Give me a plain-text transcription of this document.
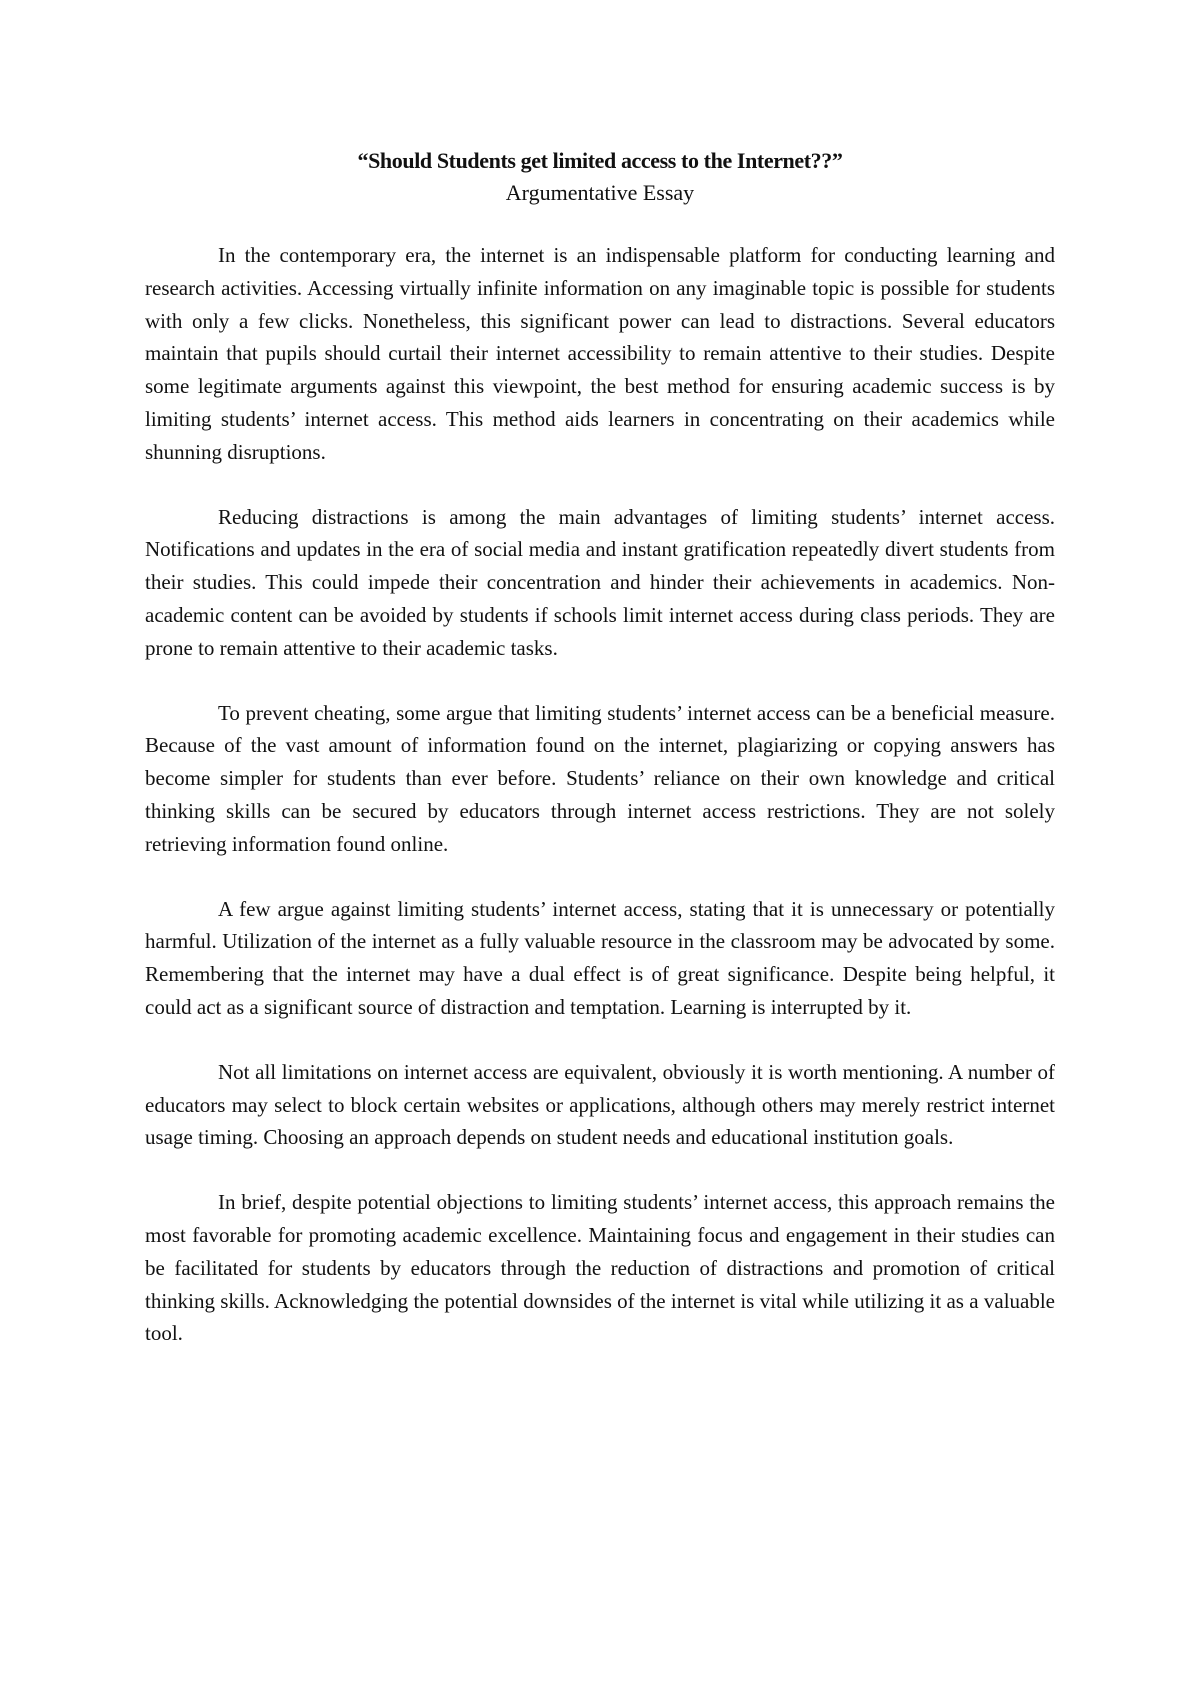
“Should Students get limited access to the Internet??”

Argumentative Essay

In the contemporary era, the internet is an indispensable platform for conducting learning and research activities. Accessing virtually infinite information on any imaginable topic is possible for students with only a few clicks. Nonetheless, this significant power can lead to distractions. Several educators maintain that pupils should curtail their internet accessibility to remain attentive to their studies. Despite some legitimate arguments against this viewpoint, the best method for ensuring academic success is by limiting students’ internet access. This method aids learners in concentrating on their academics while shunning disruptions.

Reducing distractions is among the main advantages of limiting students’ internet access. Notifications and updates in the era of social media and instant gratification repeatedly divert students from their studies. This could impede their concentration and hinder their achievements in academics. Non-academic content can be avoided by students if schools limit internet access during class periods. They are prone to remain attentive to their academic tasks.

To prevent cheating, some argue that limiting students’ internet access can be a beneficial measure. Because of the vast amount of information found on the internet, plagiarizing or copying answers has become simpler for students than ever before. Students’ reliance on their own knowledge and critical thinking skills can be secured by educators through internet access restrictions. They are not solely retrieving information found online.

A few argue against limiting students’ internet access, stating that it is unnecessary or potentially harmful. Utilization of the internet as a fully valuable resource in the classroom may be advocated by some. Remembering that the internet may have a dual effect is of great significance. Despite being helpful, it could act as a significant source of distraction and temptation. Learning is interrupted by it.

Not all limitations on internet access are equivalent, obviously it is worth mentioning. A number of educators may select to block certain websites or applications, although others may merely restrict internet usage timing. Choosing an approach depends on student needs and educational institution goals.

In brief, despite potential objections to limiting students’ internet access, this approach remains the most favorable for promoting academic excellence. Maintaining focus and engagement in their studies can be facilitated for students by educators through the reduction of distractions and promotion of critical thinking skills. Acknowledging the potential downsides of the internet is vital while utilizing it as a valuable tool.
